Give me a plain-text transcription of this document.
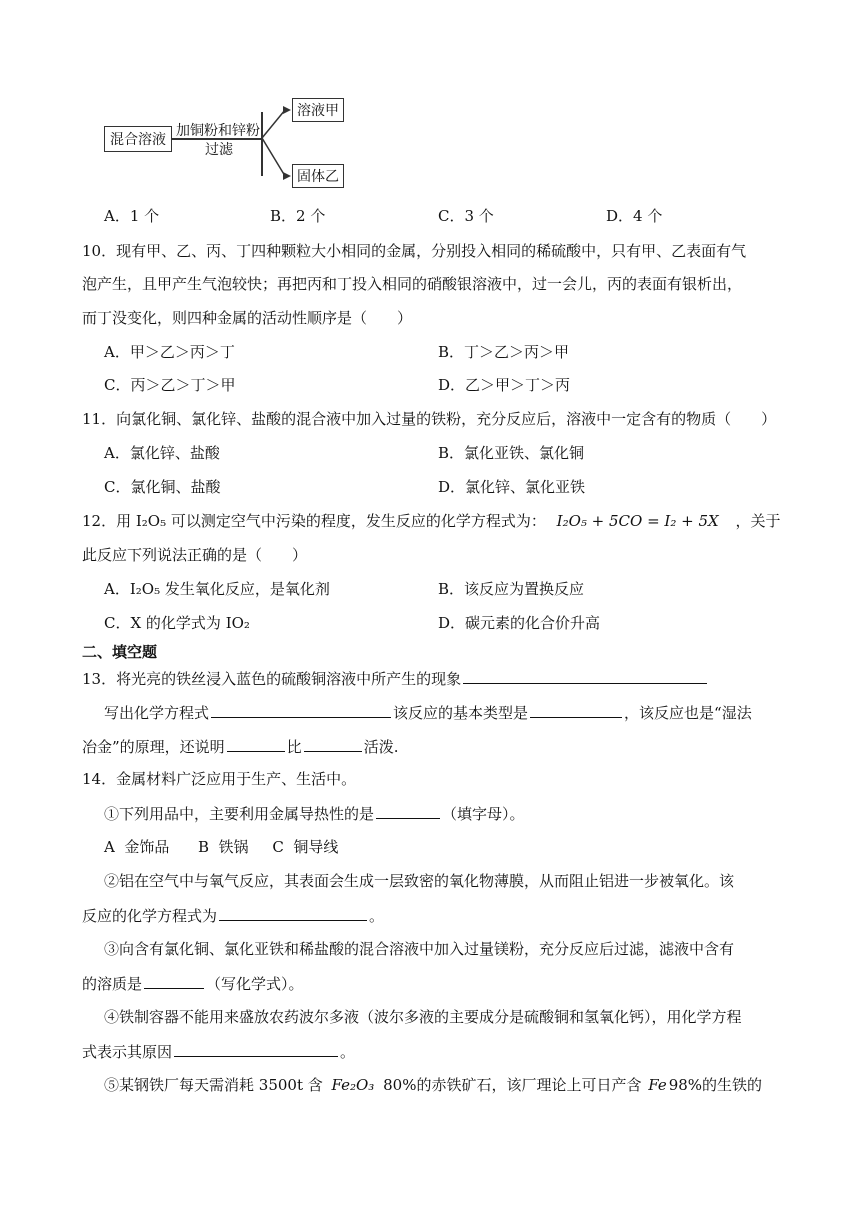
混合溶液
加铜粉和锌粉
过滤
溶液甲
固体乙
A．1 个	B．2 个	C．3 个	D．4 个
10．现有甲、乙、丙、丁四种颗粒大小相同的金属，分别投入相同的稀硫酸中，只有甲、乙表面有气
泡产生，且甲产生气泡较快；再把丙和丁投入相同的硝酸银溶液中，过一会儿，丙的表面有银析出，
而丁没变化，则四种金属的活动性顺序是（　　）
A．甲＞乙＞丙＞丁	B．丁＞乙＞丙＞甲
C．丙＞乙＞丁＞甲	D．乙＞甲＞丁＞丙
11．向氯化铜、氯化锌、盐酸的混合液中加入过量的铁粉，充分反应后，溶液中一定含有的物质（　　）
A．氯化锌、盐酸	B．氯化亚铁、氯化铜
C．氯化铜、盐酸	D．氯化锌、氯化亚铁
12．用 I₂O₅ 可以测定空气中污染的程度，发生反应的化学方程式为： I₂O₅ + 5CO = I₂ + 5X ，关于
此反应下列说法正确的是（　　）
A．I₂O₅ 发生氧化反应，是氧化剂	B．该反应为置换反应
C．X 的化学式为 IO₂	D．碳元素的化合价升高
二、填空题
13．将光亮的铁丝浸入蓝色的硫酸铜溶液中所产生的现象
写出化学方程式	该反应的基本类型是	，该反应也是“湿法
冶金”的原理，还说明	比	活泼.
14．金属材料广泛应用于生产、生活中。
①下列用品中，主要利用金属导热性的是	（填字母）。
A  金饰品      B  铁锅     C  铜导线
②铝在空气中与氧气反应，其表面会生成一层致密的氧化物薄膜，从而阻止铝进一步被氧化。该
反应的化学方程式为	。
③向含有氯化铜、氯化亚铁和稀盐酸的混合溶液中加入过量镁粉，充分反应后过滤，滤液中含有
的溶质是	（写化学式）。
④铁制容器不能用来盛放农药波尔多液（波尔多液的主要成分是硫酸铜和氢氧化钙），用化学方程
式表示其原因	。
⑤某钢铁厂每天需消耗 3500t 含 Fe₂O₃ 80%的赤铁矿石，该厂理论上可日产含 Fe 98%的生铁的
